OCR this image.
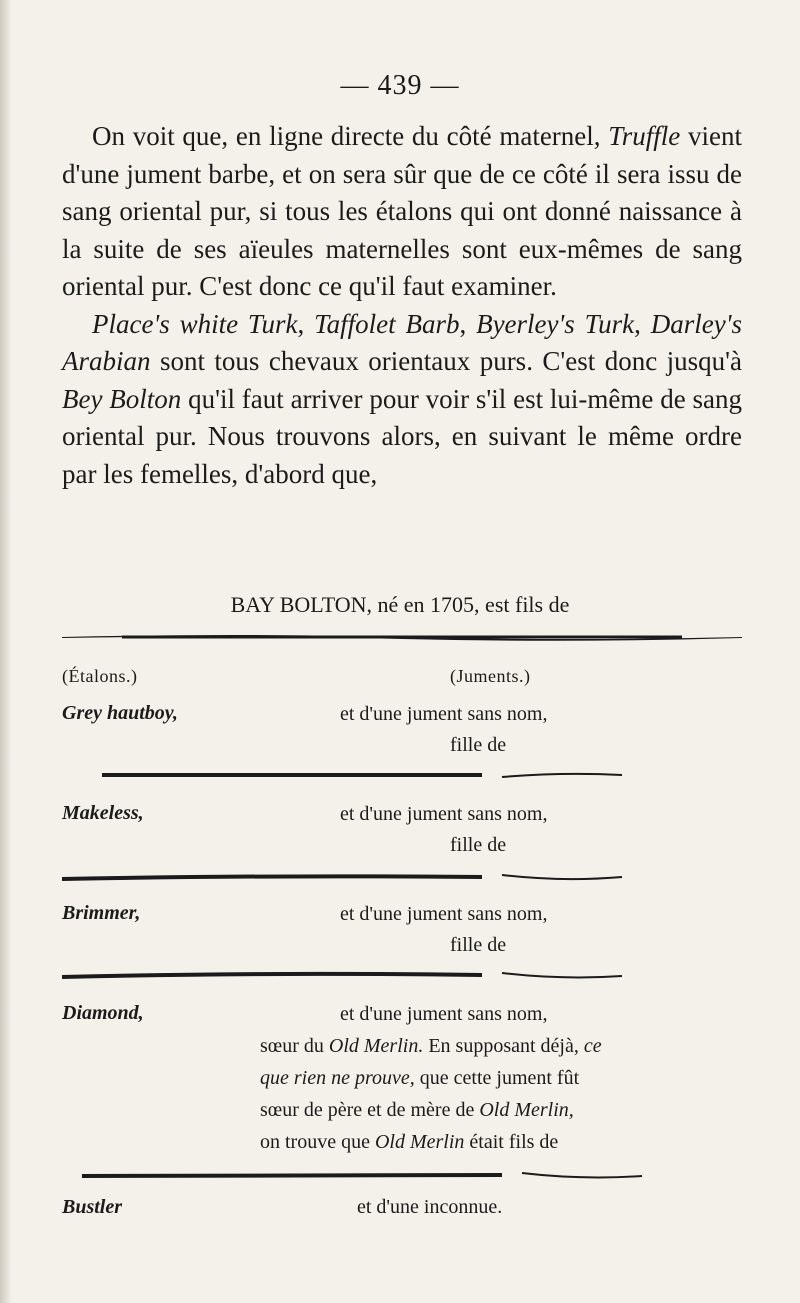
— 439 —

On voit que, en ligne directe du côté maternel, Truffle vient d'une jument barbe, et on sera sûr que de ce côté il sera issu de sang oriental pur, si tous les étalons qui ont donné naissance à la suite de ses aïeules maternelles sont eux-mêmes de sang oriental pur. C'est donc ce qu'il faut examiner.

Place's white Turk, Taffolet Barb, Byerley's Turk, Darley's Arabian sont tous chevaux orientaux purs. C'est donc jusqu'à Bey Bolton qu'il faut arriver pour voir s'il est lui-même de sang oriental pur. Nous trouvons alors, en suivant le même ordre par les femelles, d'abord que,

BAY BOLTON, né en 1705, est fils de
(Étalons.)	(Juments.)
Grey hautboy,	et d'une jument sans nom,
fille de
Makeless,	et d'une jument sans nom,
fille de
Brimmer,	et d'une jument sans nom,
fille de
Diamond,	et d'une jument sans nom,
sœur du Old Merlin. En supposant déjà, ce
que rien ne prouve, que cette jument fût
sœur de père et de mère de Old Merlin,
on trouve que Old Merlin était fils de
Bustler	et d'une inconnue.
